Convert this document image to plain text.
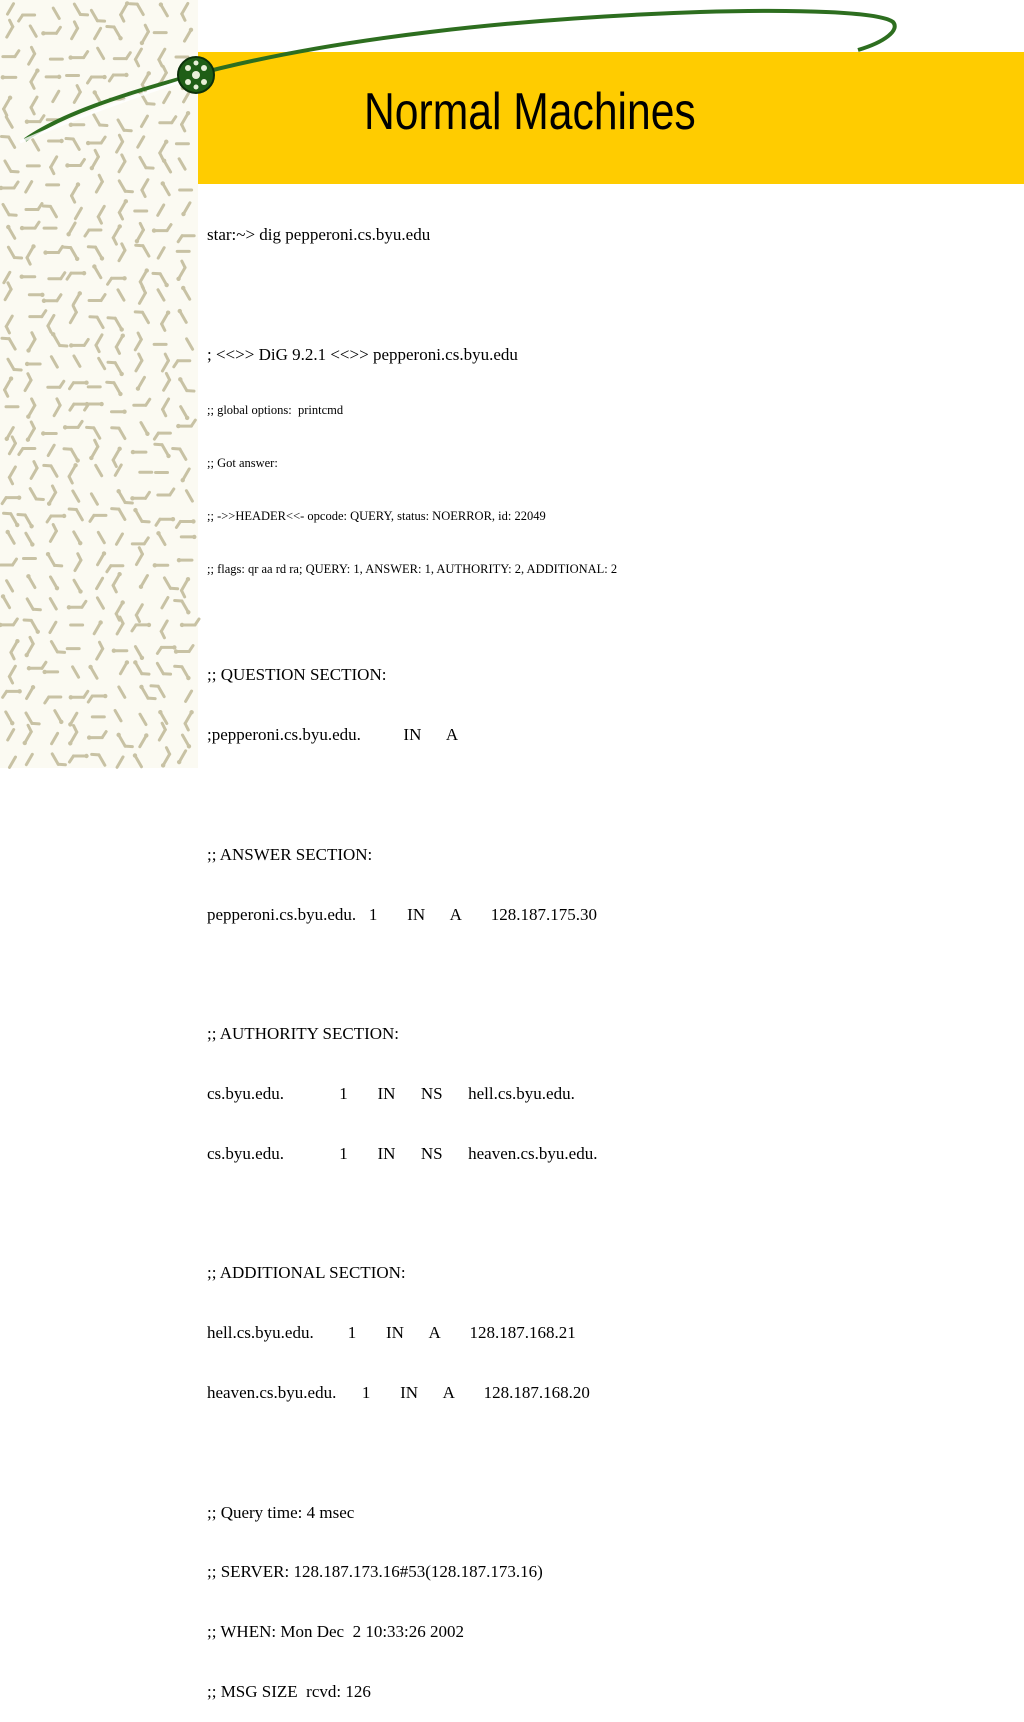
Normal Machines

star:~> dig pepperoni.cs.byu.edu

; <<>> DiG 9.2.1 <<>> pepperoni.cs.byu.edu

;; global options:  printcmd

;; Got answer:

;; ->>HEADER<<- opcode: QUERY, status: NOERROR, id: 22049

;; flags: qr aa rd ra; QUERY: 1, ANSWER: 1, AUTHORITY: 2, ADDITIONAL: 2

;; QUESTION SECTION:

;pepperoni.cs.byu.edu.          IN      A

;; ANSWER SECTION:

pepperoni.cs.byu.edu.   1       IN      A       128.187.175.30

;; AUTHORITY SECTION:

cs.byu.edu.             1       IN      NS      hell.cs.byu.edu.

cs.byu.edu.             1       IN      NS      heaven.cs.byu.edu.

;; ADDITIONAL SECTION:

hell.cs.byu.edu.        1       IN      A       128.187.168.21

heaven.cs.byu.edu.      1       IN      A       128.187.168.20

;; Query time: 4 msec

;; SERVER: 128.187.173.16#53(128.187.173.16)

;; WHEN: Mon Dec  2 10:33:26 2002

;; MSG SIZE  rcvd: 126
